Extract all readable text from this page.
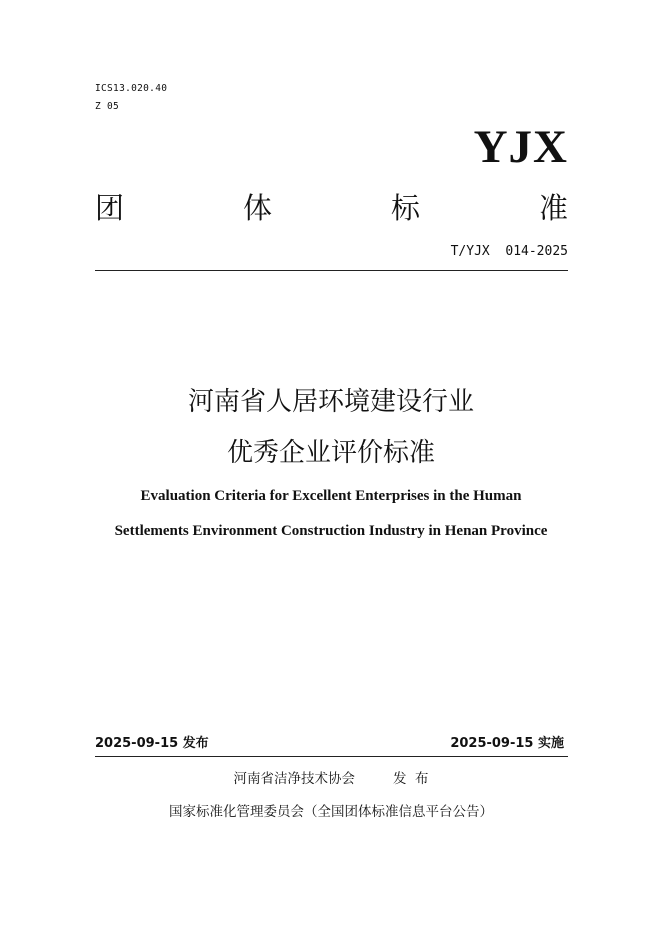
ICS13.020.40
Z 05
YJX
团	体	标	准
T/YJX  014-2025
河南省人居环境建设行业
优秀企业评价标准
Evaluation Criteria for Excellent Enterprises in the Human
Settlements Environment Construction Industry in Henan Province
2025-09-15 发布	2025-09-15 实施
河南省洁净技术协会	发  布
国家标准化管理委员会（全国团体标准信息平台公告）
